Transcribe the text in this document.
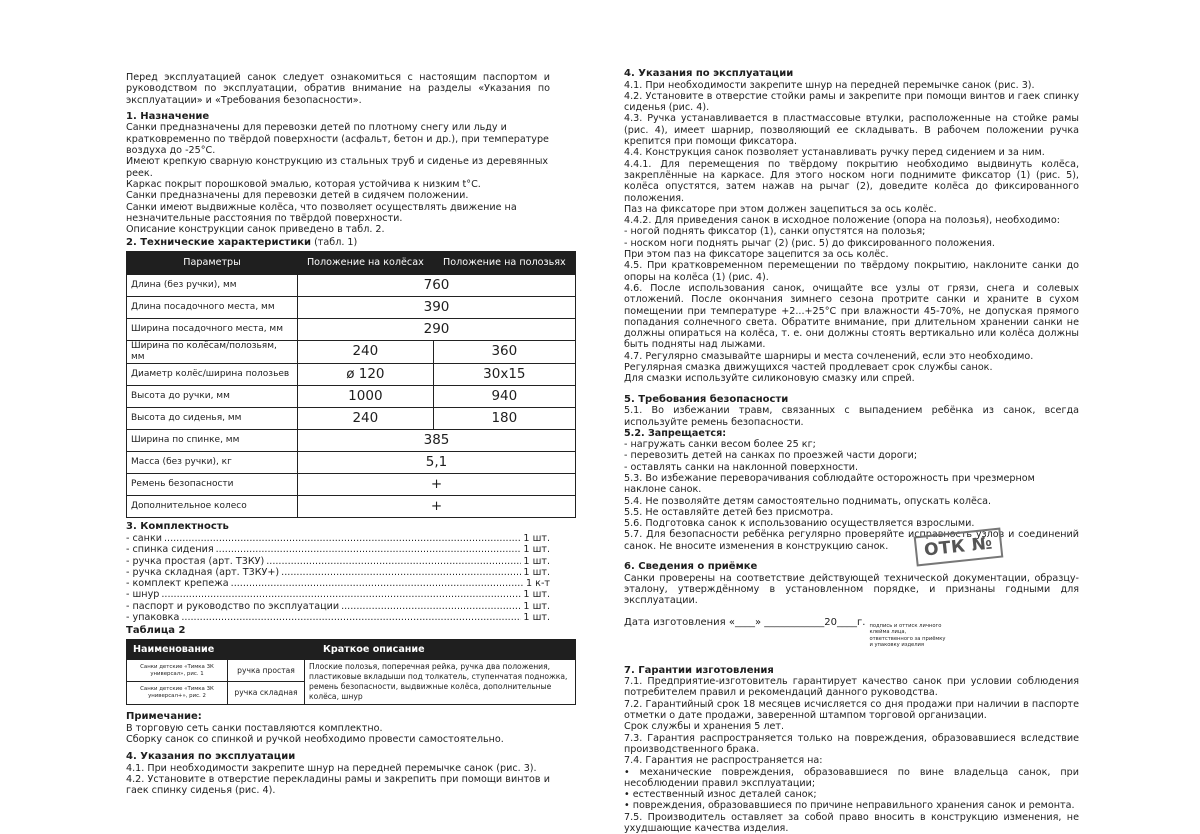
Перед эксплуатацией санок следует ознакомиться с настоящим паспортом и руководством по эксплуатации, обратив внимание на разделы «Указания по эксплуатации» и «Требования безопасности».

1. Назначение

Санки предназначены для перевозки детей по плотному снегу или льду и кратковременно по твёрдой поверхности (асфальт, бетон и др.), при температуре воздуха до -25°С.

Имеют крепкую сварную конструкцию из стальных труб и сиденье из деревянных реек.

Каркас покрыт порошковой эмалью, которая устойчива к низким t°С.

Санки предназначены для перевозки детей в сидячем положении.

Санки имеют выдвижные колёса, что позволяет осуществлять движение на незначительные расстояния по твёрдой поверхности.

Описание конструкции санок приведено в табл. 2.

2. Технические характеристики (табл. 1)
Параметры	Положение на колёсах	Положение на полозьях
Длина (без ручки), мм	760	
Длина посадочного места, мм	390	
Ширина посадочного места, мм	290	
Ширина по колёсам/полозьям, мм	240	360
Диаметр колёс/ширина полозьев	ø 120	30х15
Высота до ручки, мм	1000	940
Высота до сиденья, мм	240	180
Ширина по спинке, мм	385	
Масса (без ручки), кг	5,1	
Ремень безопасности	+	
Дополнительное колесо	+	
3. Комплектность
- санки .....	1 шт.
- спинка сидения .....	1 шт.
- ручка простая (арт. Т3КУ) .....	1 шт.
- ручка складная (арт. Т3КУ+) .....	1 шт.
- комплект крепежа .....	1 к-т
- шнур .....	1 шт.
- паспорт и руководство по эксплуатации .....	1 шт.
- упаковка .....	1 шт.
Таблица 2
Наименование		Краткое описание
Санки детские «Тимка 3К универсал», рис. 1	ручка простая	Плоские полозья, поперечная рейка, ручка два положения, пластиковые вкладыши под толкатель, ступенчатая подножка, ремень безопасности, выдвижные колёса, дополнительные колёса, шнур
Санки детские «Тимка 3К универсал+», рис. 2	ручка складная	
Примечание:

В торговую сеть санки поставляются комплектно.

Сборку санок со спинкой и ручкой необходимо провести самостоятельно.

4. Указания по эксплуатации

4.1. При необходимости закрепите шнур на передней перемычке санок (рис. 3).

4.2. Установите в отверстие перекладины рамы и закрепить при помощи винтов и гаек спинку сиденья (рис. 4).

4. Указания по эксплуатации

4.1. При необходимости закрепите шнур на передней перемычке санок (рис. 3).

4.2. Установите в отверстие стойки рамы и закрепите при помощи винтов и гаек спинку сиденья (рис. 4).

4.3. Ручка устанавливается в пластмассовые втулки, расположенные на стойке рамы (рис. 4), имеет шарнир, позволяющий ее складывать. В рабочем положении ручка крепится при помощи фиксатора.

4.4. Конструкция санок позволяет устанавливать ручку перед сидением и за ним.

4.4.1. Для перемещения по твёрдому покрытию необходимо выдвинуть колёса, закреплённые на каркасе. Для этого носком ноги поднимите фиксатор (1) (рис. 5), колёса опустятся, затем нажав на рычаг (2), доведите колёса до фиксированного положения.

Паз на фиксаторе при этом должен зацепиться за ось колёс.

4.4.2. Для приведения санок в исходное положение (опора на полозья), необходимо:

- ногой поднять фиксатор (1), санки опустятся на полозья;

- носком ноги поднять рычаг (2) (рис. 5) до фиксированного положения.

При этом паз на фиксаторе зацепится за ось колёс.

4.5. При кратковременном перемещении по твёрдому покрытию, наклоните санки до опоры на колёса (1) (рис. 4).

4.6. После использования санок, очищайте все узлы от грязи, снега и солевых отложений. После окончания зимнего сезона протрите санки и храните в сухом помещении при температуре +2...+25°С при влажности 45-70%, не допуская прямого попадания солнечного света. Обратите внимание, при длительном хранении санки не должны опираться на колёса, т. е. они должны стоять вертикально или колёса должны быть подняты над лыжами.

4.7. Регулярно смазывайте шарниры и места сочленений, если это необходимо.

Регулярная смазка движущихся частей продлевает срок службы санок.

Для смазки используйте силиконовую смазку или спрей.

5. Требования безопасности

5.1. Во избежании травм, связанных с выпадением ребёнка из санок, всегда используйте ремень безопасности.

5.2. Запрещается:

- нагружать санки весом более 25 кг;

- перевозить детей на санках по проезжей части дороги;

- оставлять санки на наклонной поверхности.

5.3. Во избежание переворачивания соблюдайте осторожность при чрезмерном наклоне санок.

5.4. Не позволяйте детям самостоятельно поднимать, опускать колёса.

5.5. Не оставляйте детей без присмотра.

5.6. Подготовка санок к использованию осуществляется взрослыми.

5.7. Для безопасности ребёнка регулярно проверяйте исправность узлов и соединений санок. Не вносите изменения в конструкцию санок.

6. Сведения о приёмке

Санки проверены на соответствие действующей технической документации, образцу-эталону, утверждённому в установленном порядке, и признаны годными для эксплуатации.

Дата изготовления «____» ____________20____г. подпись и оттиск личного клейма лица, ответственного за приёмку и упаковку изделия
7. Гарантии изготовления

7.1. Предприятие-изготовитель гарантирует качество санок при условии соблюдения потребителем правил и рекомендаций данного руководства.

7.2. Гарантийный срок 18 месяцев исчисляется со дня продажи при наличии в паспорте отметки о дате продажи, заверенной штампом торговой организации.

Срок службы и хранения 5 лет.

7.3. Гарантия распространяется только на повреждения, образовавшиеся вследствие производственного брака.

7.4. Гарантия не распространяется на:

• механические повреждения, образовавшиеся по вине владельца санок, при несоблюдении правил эксплуатации;

• естественный износ деталей санок;

• повреждения, образовавшиеся по причине неправильного хранения санок и ремонта.

7.5. Производитель оставляет за собой право вносить в конструкцию изменения, не ухудшающие качества изделия.

ОТК №
